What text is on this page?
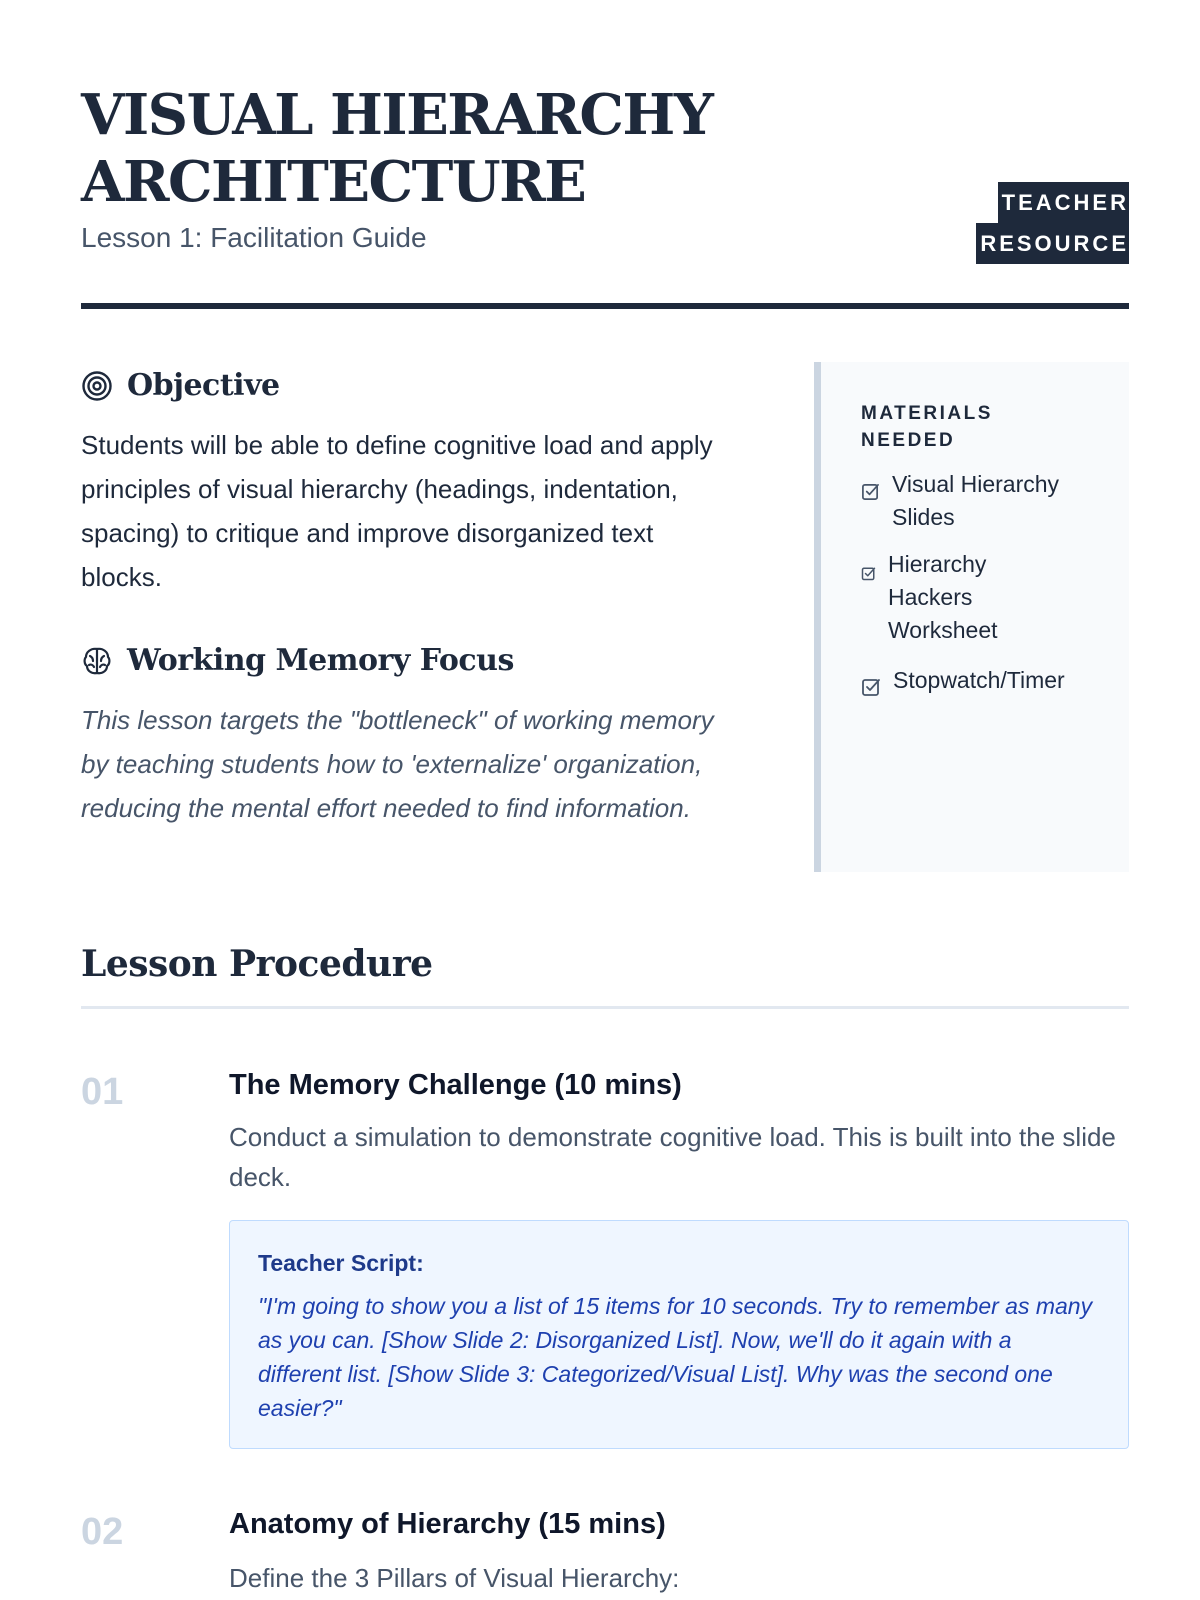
VISUAL HIERARCHY ARCHITECTURE
Lesson 1: Facilitation Guide
TEACHER
RESOURCE
Objective

Students will be able to define cognitive load and apply principles of visual hierarchy (headings, indentation, spacing) to critique and improve disorganized text blocks.

Working Memory Focus

This lesson targets the "bottleneck" of working memory by teaching students how to 'externalize' organization, reducing the mental effort needed to find information.

MATERIALS NEEDED
Visual Hierarchy Slides
Hierarchy Hackers Worksheet
Stopwatch/Timer
Lesson Procedure
01	The Memory Challenge (10 mins)

Conduct a simulation to demonstrate cognitive load. This is built into the slide deck.

Teacher Script:
"I'm going to show you a list of 15 items for 10 seconds. Try to remember as many as you can. [Show Slide 2: Disorganized List]. Now, we'll do it again with a different list. [Show Slide 3: Categorized/Visual List]. Why was the second one easier?"
02	Anatomy of Hierarchy (15 mins)

Define the 3 Pillars of Visual Hierarchy:
